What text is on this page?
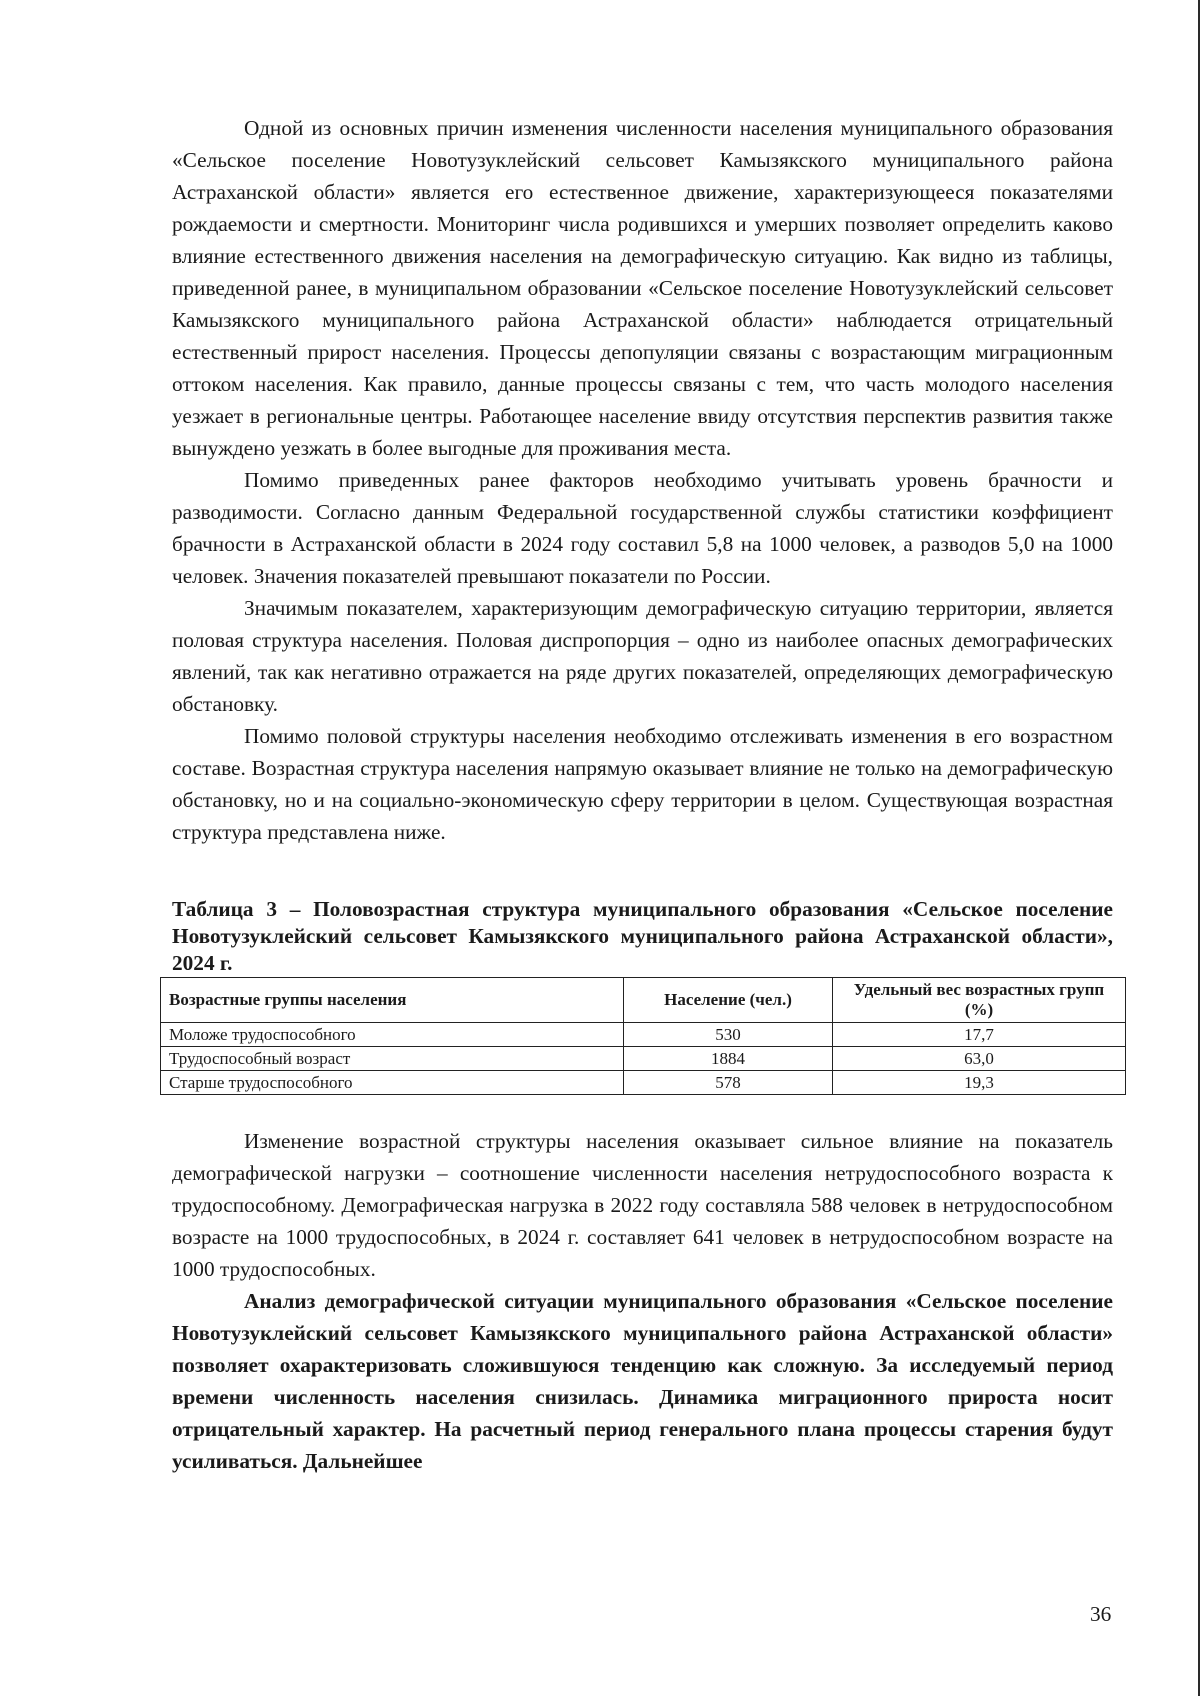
Одной из основных причин изменения численности населения муниципального образования «Сельское поселение Новотузуклейский сельсовет Камызякского муниципального района Астраханской области» является его естественное движение, характеризующееся показателями рождаемости и смертности. Мониторинг числа родившихся и умерших позволяет определить каково влияние естественного движения населения на демографическую ситуацию. Как видно из таблицы, приведенной ранее, в муниципальном образовании «Сельское поселение Новотузуклейский сельсовет Камызякского муниципального района Астраханской области» наблюдается отрицательный естественный прирост населения. Процессы депопуляции связаны с возрастающим миграционным оттоком населения. Как правило, данные процессы связаны с тем, что часть молодого населения уезжает в региональные центры. Работающее население ввиду отсутствия перспектив развития также вынуждено уезжать в более выгодные для проживания места.

Помимо приведенных ранее факторов необходимо учитывать уровень брачности и разводимости. Согласно данным Федеральной государственной службы статистики коэффициент брачности в Астраханской области в 2024 году составил 5,8 на 1000 человек, а разводов 5,0 на 1000 человек. Значения показателей превышают показатели по России.

Значимым показателем, характеризующим демографическую ситуацию территории, является половая структура населения. Половая диспропорция – одно из наиболее опасных демографических явлений, так как негативно отражается на ряде других показателей, определяющих демографическую обстановку.

Помимо половой структуры населения необходимо отслеживать изменения в его возрастном составе. Возрастная структура населения напрямую оказывает влияние не только на демографическую обстановку, но и на социально-экономическую сферу территории в целом. Существующая возрастная структура представлена ниже.

Таблица 3 – Половозрастная структура муниципального образования «Сельское поселение Новотузуклейский сельсовет Камызякского муниципального района Астраханской области», 2024 г.

Возрастные группы населения	Население (чел.)	Удельный вес возрастных групп (%)
Моложе трудоспособного	530	17,7
Трудоспособный возраст	1884	63,0
Старше трудоспособного	578	19,3

Изменение возрастной структуры населения оказывает сильное влияние на показатель демографической нагрузки – соотношение численности населения нетрудоспособного возраста к трудоспособному. Демографическая нагрузка в 2022 году составляла 588 человек в нетрудоспособном возрасте на 1000 трудоспособных, в 2024 г. составляет 641 человек в нетрудоспособном возрасте на 1000 трудоспособных.

Анализ демографической ситуации муниципального образования «Сельское поселение Новотузуклейский сельсовет Камызякского муниципального района Астраханской области» позволяет охарактеризовать сложившуюся тенденцию как сложную. За исследуемый период времени численность населения снизилась. Динамика миграционного прироста носит отрицательный характер. На расчетный период генерального плана процессы старения будут усиливаться. Дальнейшее

36
